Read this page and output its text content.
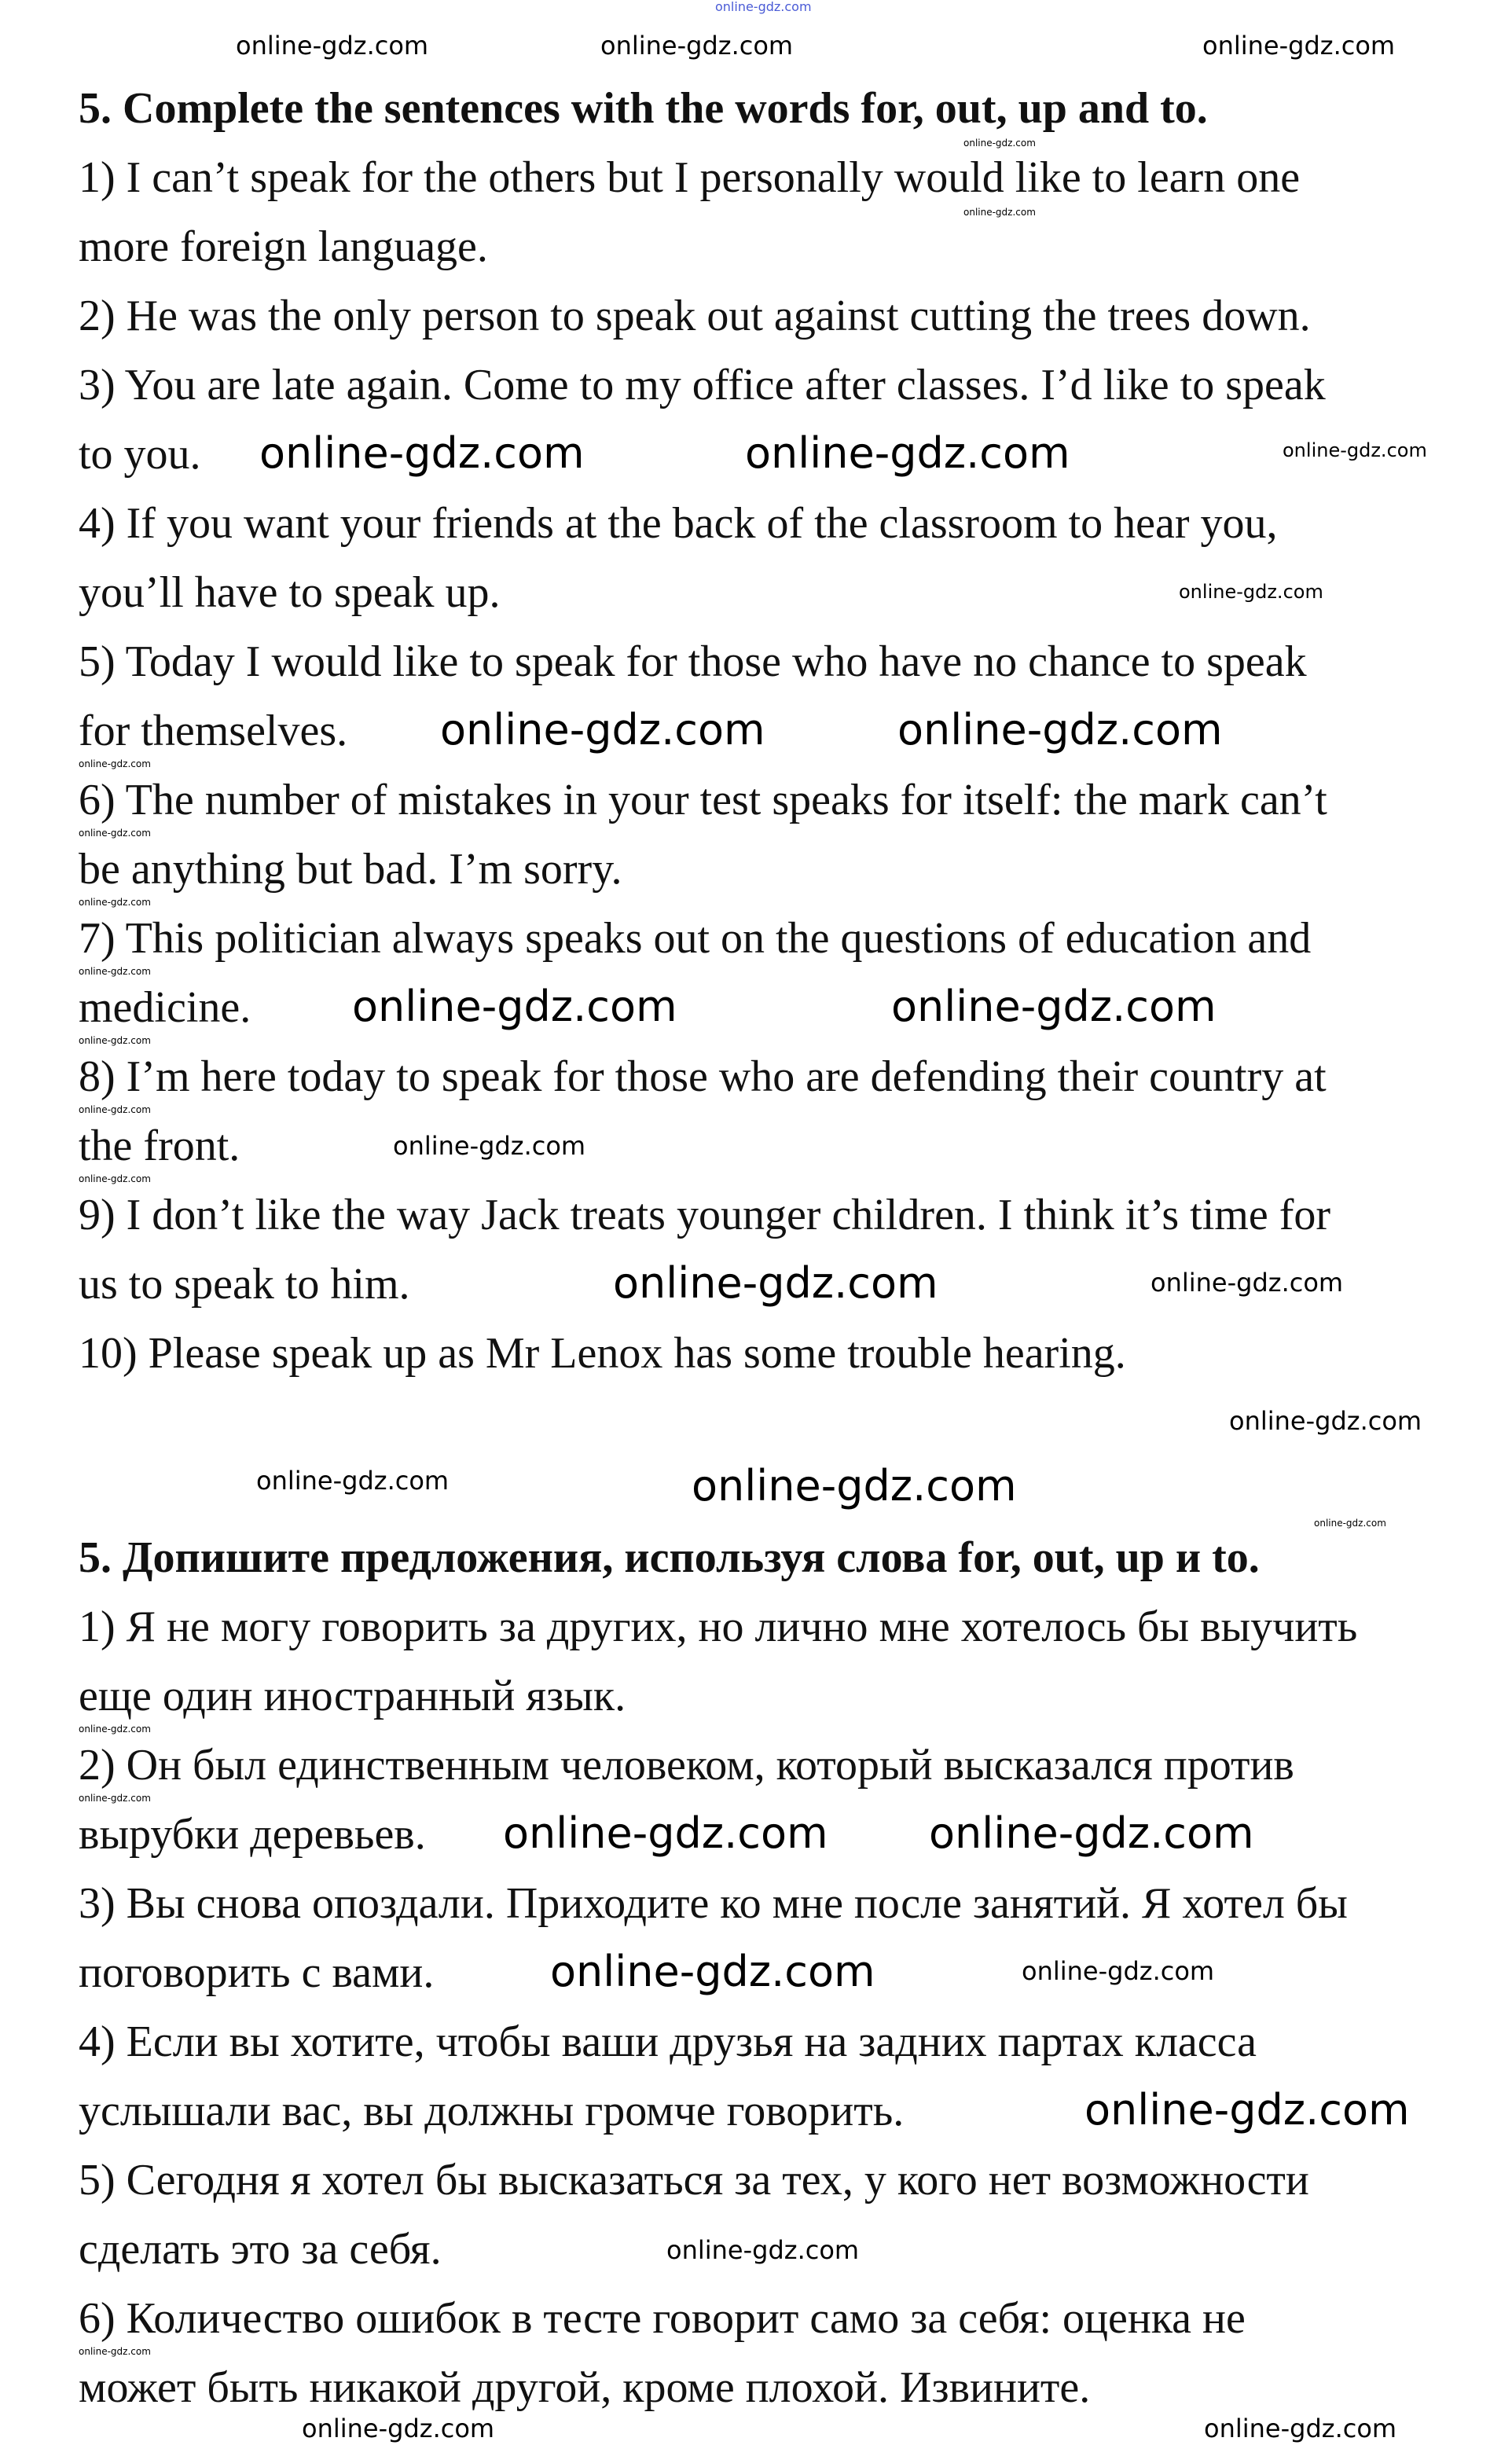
5. Complete the sentences with the words for, out, up and to.
1) I can’t speak for the others but I personally would like to learn one
more foreign language.
2) He was the only person to speak out against cutting the trees down.
3) You are late again. Come to my office after classes. I’d like to speak
to you.
4) If you want your friends at the back of the classroom to hear you,
you’ll have to speak up.
5) Today I would like to speak for those who have no chance to speak
for themselves.
6) The number of mistakes in your test speaks for itself: the mark can’t
be anything but bad. I’m sorry.
7) This politician always speaks out on the questions of education and
medicine.
8) I’m here today to speak for those who are defending their country at
the front.
9) I don’t like the way Jack treats younger children. I think it’s time for
us to speak to him.
10) Please speak up as Mr Lenox has some trouble hearing.
5. Допишите предложения, используя слова for, out, up и to.
1) Я не могу говорить за других, но лично мне хотелось бы выучить
еще один иностранный язык.
2) Он был единственным человеком, который высказался против
вырубки деревьев.
3) Вы снова опоздали. Приходите ко мне после занятий. Я хотел бы
поговорить с вами.
4) Если вы хотите, чтобы ваши друзья на задних партах класса
услышали вас, вы должны громче говорить.
5) Сегодня я хотел бы высказаться за тех, у кого нет возможности
сделать это за себя.
6) Количество ошибок в тесте говорит само за себя: оценка не
может быть никакой другой, кроме плохой. Извините.
online-gdz.com
online-gdz.com	online-gdz.com
online-gdz.com
online-gdz.com
online-gdz.com
online-gdz.com
online-gdz.com	online-gdz.com
online-gdz.com
online-gdz.com	online-gdz.com
online-gdz.com
online-gdz.com
online-gdz.com
online-gdz.com
online-gdz.com	online-gdz.com
online-gdz.com
online-gdz.com
online-gdz.com
online-gdz.com	online-gdz.com
online-gdz.com
online-gdz.com
online-gdz.com	online-gdz.com
online-gdz.com
online-gdz.com
online-gdz.com online-gdz.com
online-gdz.com
online-gdz.com	online-gdz.com
online-gdz.com
online-gdz.com
online-gdz.com
online-gdz.com	online-gdz.com
